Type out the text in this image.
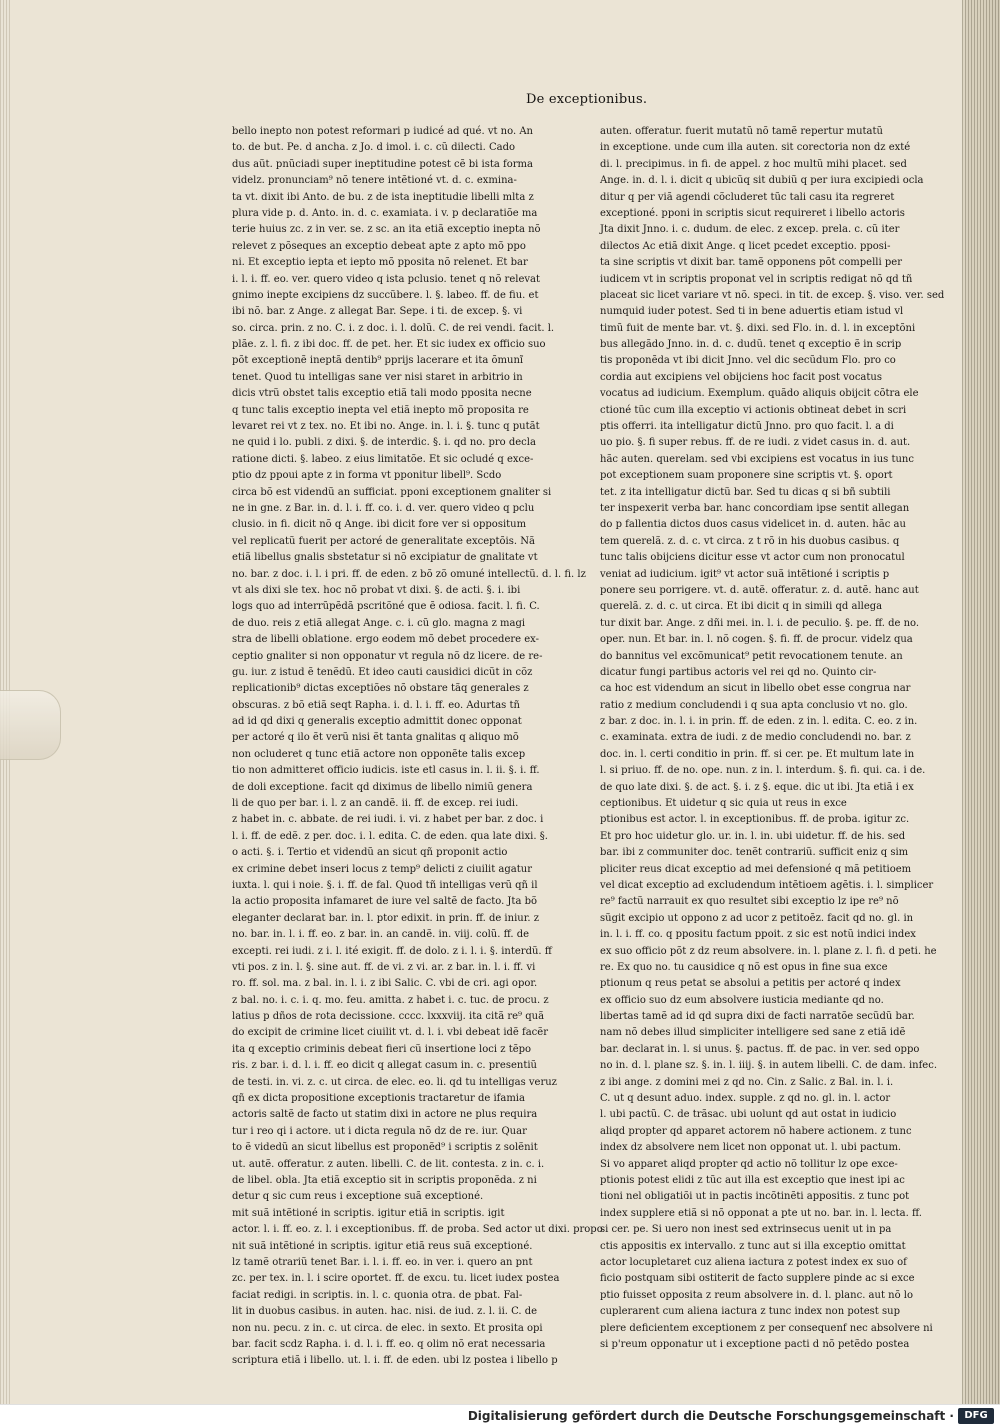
De exceptionibus.
bello inepto non potest reformari p iudicé ad qué. vt no. An
to. de but. Pe. d ancha. z Jo. d imol. i. c. cũ dilecti. Cado
dus aũt. pnũciadi super ineptitudine potest cẽ bi ista forma
videlz. pronunciam⁹ nõ tenere intẽtioné vt. d. c. exmina-
ta vt. dixit ibi Anto. de bu. z de ista ineptitudie libelli mlta z
plura vide p. d. Anto. in. d. c. examiata. i v. p declaratiõe ma
terie huius zc. z in ver. se. z sc. an ita etiã exceptio inepta nõ
relevet z põseques an exceptio debeat apte z apto mõ ppo
ni. Et exceptio iepta et iepto mõ pposita nõ relenet. Et bar
i. l. i. ff. eo. ver. quero video q ista pclusio. tenet q nõ relevat
gnimo inepte excipiens dz succũbere. l. §. labeo. ff. de fiu. et
ibi nõ. bar. z Ange. z allegat Bar. Sepe. i ti. de excep. §. vi
so. circa. prin. z no. C. i. z doc. i. l. dolũ. C. de rei vendi. facit. l.
plãe. z. l. fi. z ibi doc. ff. de pet. her. Et sic iudex ex officio suo
põt exceptionẽ ineptã dentib⁹ pprijs lacerare et ita õmunĩ
tenet. Quod tu intelligas sane ver nisi staret in arbitrio in
dicis vtrũ obstet talis exceptio etiã tali modo pposita necne
q tunc talis exceptio inepta vel etiã inepto mõ proposita re
levaret rei vt z tex. no. Et ibi no. Ange. in. l. i. §. tunc q putãt
ne quid i lo. publi. z dixi. §. de interdic. §. i. qd no. pro decla
ratione dicti. §. labeo. z eius limitatõe. Et sic ocludé q exce-
ptio dz ppoui apte z in forma vt pponitur libell⁹. Scdo
circa bõ est videndũ an sufficiat. pponi exceptionem gnaliter si
ne in gne. z Bar. in. d. l. i. ff. co. i. d. ver. quero video q pclu
clusio. in fi. dicit nõ q Ange. ibi dicit fore ver si oppositum
vel replicatũ fuerit per actoré de generalitate exceptõis. Nã
etiã libellus gnalis sbstetatur si nõ excipiatur de gnalitate vt
no. bar. z doc. i. l. i pri. ff. de eden. z bõ zõ omuné intellectũ. d. l. fi. lz
vt als dixi sle tex. hoc nõ probat vt dixi. §. de acti. §. i. ibi
logs quo ad interrũpẽdã pscritõné que ẽ odiosa. facit. l. fi. C.
de duo. reis z etiã allegat Ange. c. i. cũ glo. magna z magi
stra de libelli oblatione. ergo eodem mõ debet procedere ex-
ceptio gnaliter si non opponatur vt regula nõ dz licere. de re-
gu. iur. z istud ẽ tenẽdũ. Et ideo cauti causidici dicũt in cõz
replicationib⁹ dictas exceptiões nõ obstare tãq generales z
obscuras. z bõ etiã seqt Rapha. i. d. l. i. ff. eo. Adurtas tñ
ad id qd dixi q generalis exceptio admittit donec opponat
per actoré q ilo ẽt verũ nisi ẽt tanta gnalitas q aliquo mõ
non ocluderet q tunc etiã actore non opponẽte talis excep
tio non admitteret officio iudicis. iste etl casus in. l. ii. §. i. ff.
de doli exceptione. facit qd diximus de libello nimiũ genera
li de quo per bar. i. l. z an candẽ. ii. ff. de excep. rei iudi.
z habet in. c. abbate. de rei iudi. i. vi. z habet per bar. z doc. i
l. i. ff. de edẽ. z per. doc. i. l. edita. C. de eden. qua late dixi. §.
o acti. §. i. Tertio et videndũ an sicut qñ proponit actio
ex crimine debet inseri locus z temp⁹ delicti z ciuilit agatur
iuxta. l. qui i noie. §. i. ff. de fal. Quod tñ intelligas verũ qñ il
la actio proposita infamaret de iure vel saltẽ de facto. Jta bõ
eleganter declarat bar. in. l. ptor edixit. in prin. ff. de iniur. z
no. bar. in. l. i. ff. eo. z bar. in. an candẽ. in. viij. colũ. ff. de
excepti. rei iudi. z i. l. ité exigit. ff. de dolo. z i. l. i. §. interdũ. ff
vti pos. z in. l. §. sine aut. ff. de vi. z vi. ar. z bar. in. l. i. ff. vi
ro. ff. sol. ma. z bal. in. l. i. z ibi Salic. C. vbi de cri. agi opor.
z bal. no. i. c. i. q. mo. feu. amitta. z habet i. c. tuc. de procu. z
latius p dños de rota decissione. cccc. lxxxviij. ita citã re⁹ quã
do excipit de crimine licet ciuilit vt. d. l. i. vbi debeat idẽ facẽr
ita q exceptio criminis debeat fieri cũ insertione loci z tẽpo
ris. z bar. i. d. l. i. ff. eo dicit q allegat casum in. c. presentiũ
de testi. in. vi. z. c. ut circa. de elec. eo. li. qd tu intelligas veruz
qñ ex dicta propositione exceptionis tractaretur de ifamia
actoris saltẽ de facto ut statim dixi in actore ne plus requira
tur i reo qi i actore. ut i dicta regula nõ dz de re. iur. Quar
to ẽ videdũ an sicut libellus est proponẽd⁹ i scriptis z solẽnit
ut. autẽ. offeratur. z auten. libelli. C. de lit. contesta. z in. c. i.
de libel. obla. Jta etiã exceptio sit in scriptis proponẽda. z ni
detur q sic cum reus i exceptione suã exceptioné.
mit suã intẽtioné in scriptis. igitur etiã in scriptis. igit
actor. l. i. ff. eo. z. l. i exceptionibus. ff. de proba. Sed actor ut dixi. propo
nit suã intẽtioné in scriptis. igitur etiã reus suã exceptioné.
lz tamẽ otrariũ tenet Bar. i. l. i. ff. eo. in ver. i. quero an pnt
zc. per tex. in. l. i scire oportet. ff. de excu. tu. licet iudex postea
faciat redigi. in scriptis. in. l. c. quonia otra. de pbat. Fal-
lit in duobus casibus. in auten. hac. nisi. de iud. z. l. ii. C. de
non nu. pecu. z in. c. ut circa. de elec. in sexto. Et prosita opi
bar. facit scdz Rapha. i. d. l. i. ff. eo. q olim nõ erat necessaria
scriptura etiã i libello. ut. l. i. ff. de eden. ubi lz postea i libello p
auten. offeratur. fuerit mutatũ nõ tamẽ repertur mutatũ
in exceptione. unde cum illa auten. sit corectoria non dz exté
di. l. precipimus. in fi. de appel. z hoc multũ mihi placet. sed
Ange. in. d. l. i. dicit q ubicũq sit dubiũ q per iura excipiedi ocla
ditur q per viã agendi cõcluderet tũc tali casu ita regreret
exceptioné. pponi in scriptis sicut requireret i libello actoris
Jta dixit Jnno. i. c. dudum. de elec. z excep. prela. c. cũ iter
dilectos Ac etiã dixit Ange. q licet pcedet exceptio. pposi-
ta sine scriptis vt dixit bar. tamẽ opponens põt compelli per
iudicem vt in scriptis proponat vel in scriptis redigat nõ qd tñ
placeat sic licet variare vt nõ. speci. in tit. de excep. §. viso. ver. sed
numquid iuder potest. Sed ti in bene aduertis etiam istud vl
timũ fuit de mente bar. vt. §. dixi. sed Flo. in. d. l. in exceptõni
bus allegãdo Jnno. in. d. c. dudũ. tenet q exceptio ẽ in scrip
tis proponẽda vt ibi dicit Jnno. vel dic secũdum Flo. pro co
cordia aut excipiens vel obijciens hoc facit post vocatus
vocatus ad iudicium. Exemplum. quãdo aliquis obijcit cõtra ele
ctioné tũc cum illa exceptio vi actionis obtineat debet in scri
ptis offerri. ita intelligatur dictũ Jnno. pro quo facit. l. a di
uo pio. §. fi super rebus. ff. de re iudi. z videt casus in. d. aut.
hãc auten. querelam. sed vbi excipiens est vocatus in ius tunc
pot exceptionem suam proponere sine scriptis vt. §. oport
tet. z ita intelligatur dictũ bar. Sed tu dicas q si bñ subtili
ter inspexerit verba bar. hanc concordiam ipse sentit allegan
do p fallentia dictos duos casus videlicet in. d. auten. hãc au
tem querelã. z. d. c. vt circa. z t rõ in his duobus casibus. q
tunc talis obijciens dicitur esse vt actor cum non pronocatul
veniat ad iudicium. igit⁹ vt actor suã intẽtioné i scriptis p
ponere seu porrigere. vt. d. autẽ. offeratur. z. d. autẽ. hanc aut
querelã. z. d. c. ut circa. Et ibi dicit q in simili qd allega
tur dixit bar. Ange. z dñi mei. in. l. i. de peculio. §. pe. ff. de no.
oper. nun. Et bar. in. l. nõ cogen. §. fi. ff. de procur. videlz qua
do bannitus vel excõmunicat⁹ petit revocationem tenute. an
dicatur fungi partibus actoris vel rei qd no. Quinto cir-
ca hoc est videndum an sicut in libello obet esse congrua nar
ratio z medium concludendi i q sua apta conclusio vt no. glo.
z bar. z doc. in. l. i. in prin. ff. de eden. z in. l. edita. C. eo. z in.
c. examinata. extra de iudi. z de medio concludendi no. bar. z
doc. in. l. certi conditio in prin. ff. si cer. pe. Et multum late in
l. si priuo. ff. de no. ope. nun. z in. l. interdum. §. fi. qui. ca. i de.
de quo late dixi. §. de act. §. i. z §. eque. dic ut ibi. Jta etiã i ex
ceptionibus. Et uidetur q sic quia ut reus in exce
ptionibus est actor. l. in exceptionibus. ff. de proba. igitur zc.
Et pro hoc uidetur glo. ur. in. l. in. ubi uidetur. ff. de his. sed
bar. ibi z communiter doc. tenẽt contrariũ. sufficit eniz q sim
pliciter reus dicat exceptio ad mei defensioné q mã petitioem
vel dicat exceptio ad excludendum intẽtioem agẽtis. i. l. simplicer
re⁹ factũ narrauit ex quo resultet sibi exceptio lz ipe re⁹ nõ
sũgit excipio ut oppono z ad ucor z petitoẽz. facit qd no. gl. in
in. l. i. ff. co. q ppositu factum ppoit. z sic est notũ indici index
ex suo officio põt z dz reum absolvere. in. l. plane z. l. fi. d peti. he
re. Ex quo no. tu causidice q nõ est opus in fine sua exce
ptionum q reus petat se absolui a petitis per actoré q index
ex officio suo dz eum absolvere iusticia mediante qd no.
libertas tamẽ ad id qd supra dixi de facti narratõe secũdũ bar.
nam nõ debes illud simpliciter intelligere sed sane z etiã idẽ
bar. declarat in. l. si unus. §. pactus. ff. de pac. in ver. sed oppo
no in. d. l. plane sz. §. in. l. iiij. §. in autem libelli. C. de dam. infec.
z ibi ange. z domini mei z qd no. Cin. z Salic. z Bal. in. l. i.
C. ut q desunt aduo. index. supple. z qd no. gl. in. l. actor
l. ubi pactũ. C. de trãsac. ubi uolunt qd aut ostat in iudicio
aliqd propter qd apparet actorem nõ habere actionem. z tunc
index dz absolvere nem licet non opponat ut. l. ubi pactum.
Si vo apparet aliqd propter qd actio nõ tollitur lz ope exce-
ptionis potest elidi z tũc aut illa est exceptio que inest ipi ac
tioni nel obligatiõi ut in pactis incõtinẽti appositis. z tunc pot
index supplere etiã si nõ opponat a pte ut no. bar. in. l. lecta. ff.
si cer. pe. Si uero non inest sed extrinsecus uenit ut in pa
ctis appositis ex intervallo. z tunc aut si illa exceptio omittat
actor locupletaret cuz aliena iactura z potest index ex suo of
ficio postquam sibi ostiterit de facto supplere pinde ac si exce
ptio fuisset opposita z reum absolvere in. d. l. planc. aut nõ lo
cuplerarent cum aliena iactura z tunc index non potest sup
plere deficientem exceptionem z per consequenf nec absolvere ni
si p'reum opponatur ut i exceptione pacti d nõ petẽdo postea
Digitalisierung gefördert durch die Deutsche Forschungsgemeinschaft ·	DFG
